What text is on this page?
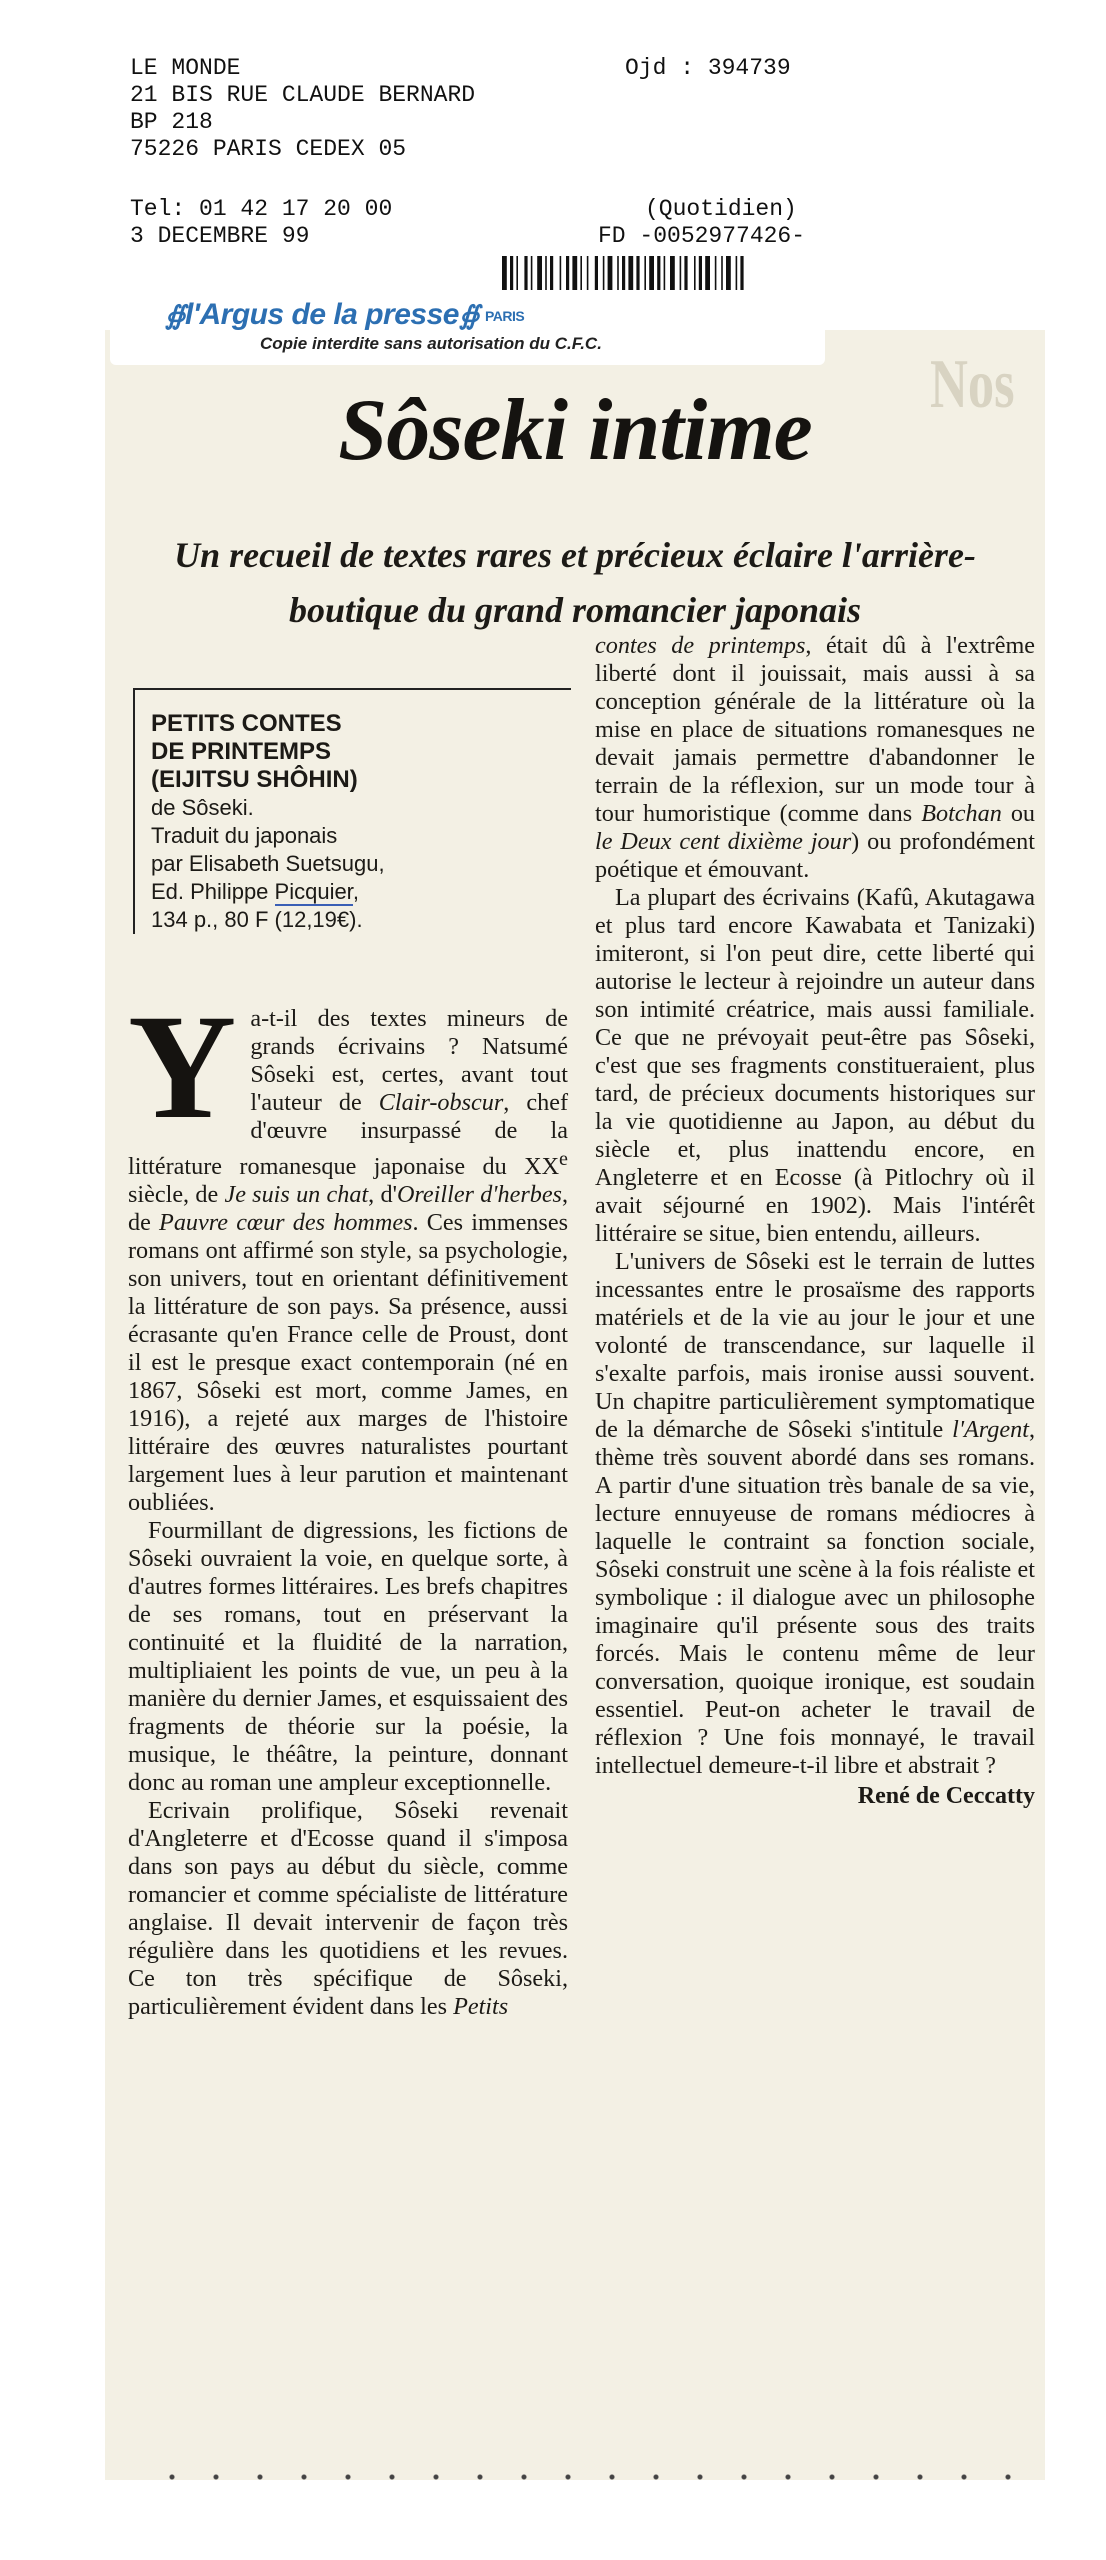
Nos
LE MONDE
21 BIS RUE CLAUDE BERNARD
BP 218
75226 PARIS CEDEX 05
Ojd : 394739
Tel: 01 42 17 20 00
3 DECEMBRE 99
(Quotidien)
FD -0052977426-
∯l'Argus de la presse∯ PARIS
Copie interdite sans autorisation du C.F.C.
Sôseki intime
Un recueil de textes rares et précieux éclaire l'arrière-boutique du grand romancier japonais
PETITS CONTES
DE PRINTEMPS
(EIJITSU SHÔHIN)
de Sôseki.
Traduit du japonais
par Elisabeth Suetsugu,
Ed. Philippe Picquier,
134 p., 80 F (12,19€).

Ya-t-il des textes mineurs de grands écrivains ? Natsumé Sôseki est, certes, avant tout l'auteur de Clair-obscur, chef d'œuvre insurpassé de la littérature romanesque japonaise du XXe siècle, de Je suis un chat, d'Oreiller d'herbes, de Pauvre cœur des hommes. Ces immenses romans ont affirmé son style, sa psychologie, son univers, tout en orientant définitivement la littérature de son pays. Sa présence, aussi écrasante qu'en France celle de Proust, dont il est le presque exact contemporain (né en 1867, Sôseki est mort, comme James, en 1916), a rejeté aux marges de l'histoire littéraire des œuvres naturalistes pourtant largement lues à leur parution et maintenant oubliées.

Fourmillant de digressions, les fictions de Sôseki ouvraient la voie, en quelque sorte, à d'autres formes littéraires. Les brefs chapitres de ses romans, tout en préservant la continuité et la fluidité de la narration, multipliaient les points de vue, un peu à la manière du dernier James, et esquissaient des fragments de théorie sur la poésie, la musique, le théâtre, la peinture, donnant donc au roman une ampleur exceptionnelle.

Ecrivain prolifique, Sôseki revenait d'Angleterre et d'Ecosse quand il s'imposa dans son pays au début du siècle, comme romancier et comme spécialiste de littérature anglaise. Il devait intervenir de façon très régulière dans les quotidiens et les revues. Ce ton très spécifique de Sôseki, particulièrement évident dans les Petits

contes de printemps, était dû à l'extrême liberté dont il jouissait, mais aussi à sa conception générale de la littérature où la mise en place de situations romanesques ne devait jamais permettre d'abandonner le terrain de la réflexion, sur un mode tour à tour humoristique (comme dans Botchan ou le Deux cent dixième jour) ou profondément poétique et émouvant.

La plupart des écrivains (Kafû, Akutagawa et plus tard encore Kawabata et Tanizaki) imiteront, si l'on peut dire, cette liberté qui autorise le lecteur à rejoindre un auteur dans son intimité créatrice, mais aussi familiale. Ce que ne prévoyait peut-être pas Sôseki, c'est que ses fragments constitueraient, plus tard, de précieux documents historiques sur la vie quotidienne au Japon, au début du siècle et, plus inattendu encore, en Angleterre et en Ecosse (à Pitlochry où il avait séjourné en 1902). Mais l'intérêt littéraire se situe, bien entendu, ailleurs.

L'univers de Sôseki est le terrain de luttes incessantes entre le prosaïsme des rapports matériels et de la vie au jour le jour et une volonté de transcendance, sur laquelle il s'exalte parfois, mais ironise aussi souvent. Un chapitre particulièrement symptomatique de la démarche de Sôseki s'intitule l'Argent, thème très souvent abordé dans ses romans. A partir d'une situation très banale de sa vie, lecture ennuyeuse de romans médiocres à laquelle le contraint sa fonction sociale, Sôseki construit une scène à la fois réaliste et symbolique : il dialogue avec un philosophe imaginaire qu'il présente sous des traits forcés. Mais le contenu même de leur conversation, quoique ironique, est soudain essentiel. Peut-on acheter le travail de réflexion ? Une fois monnayé, le travail intellectuel demeure-t-il libre et abstrait ?

René de Ceccatty
